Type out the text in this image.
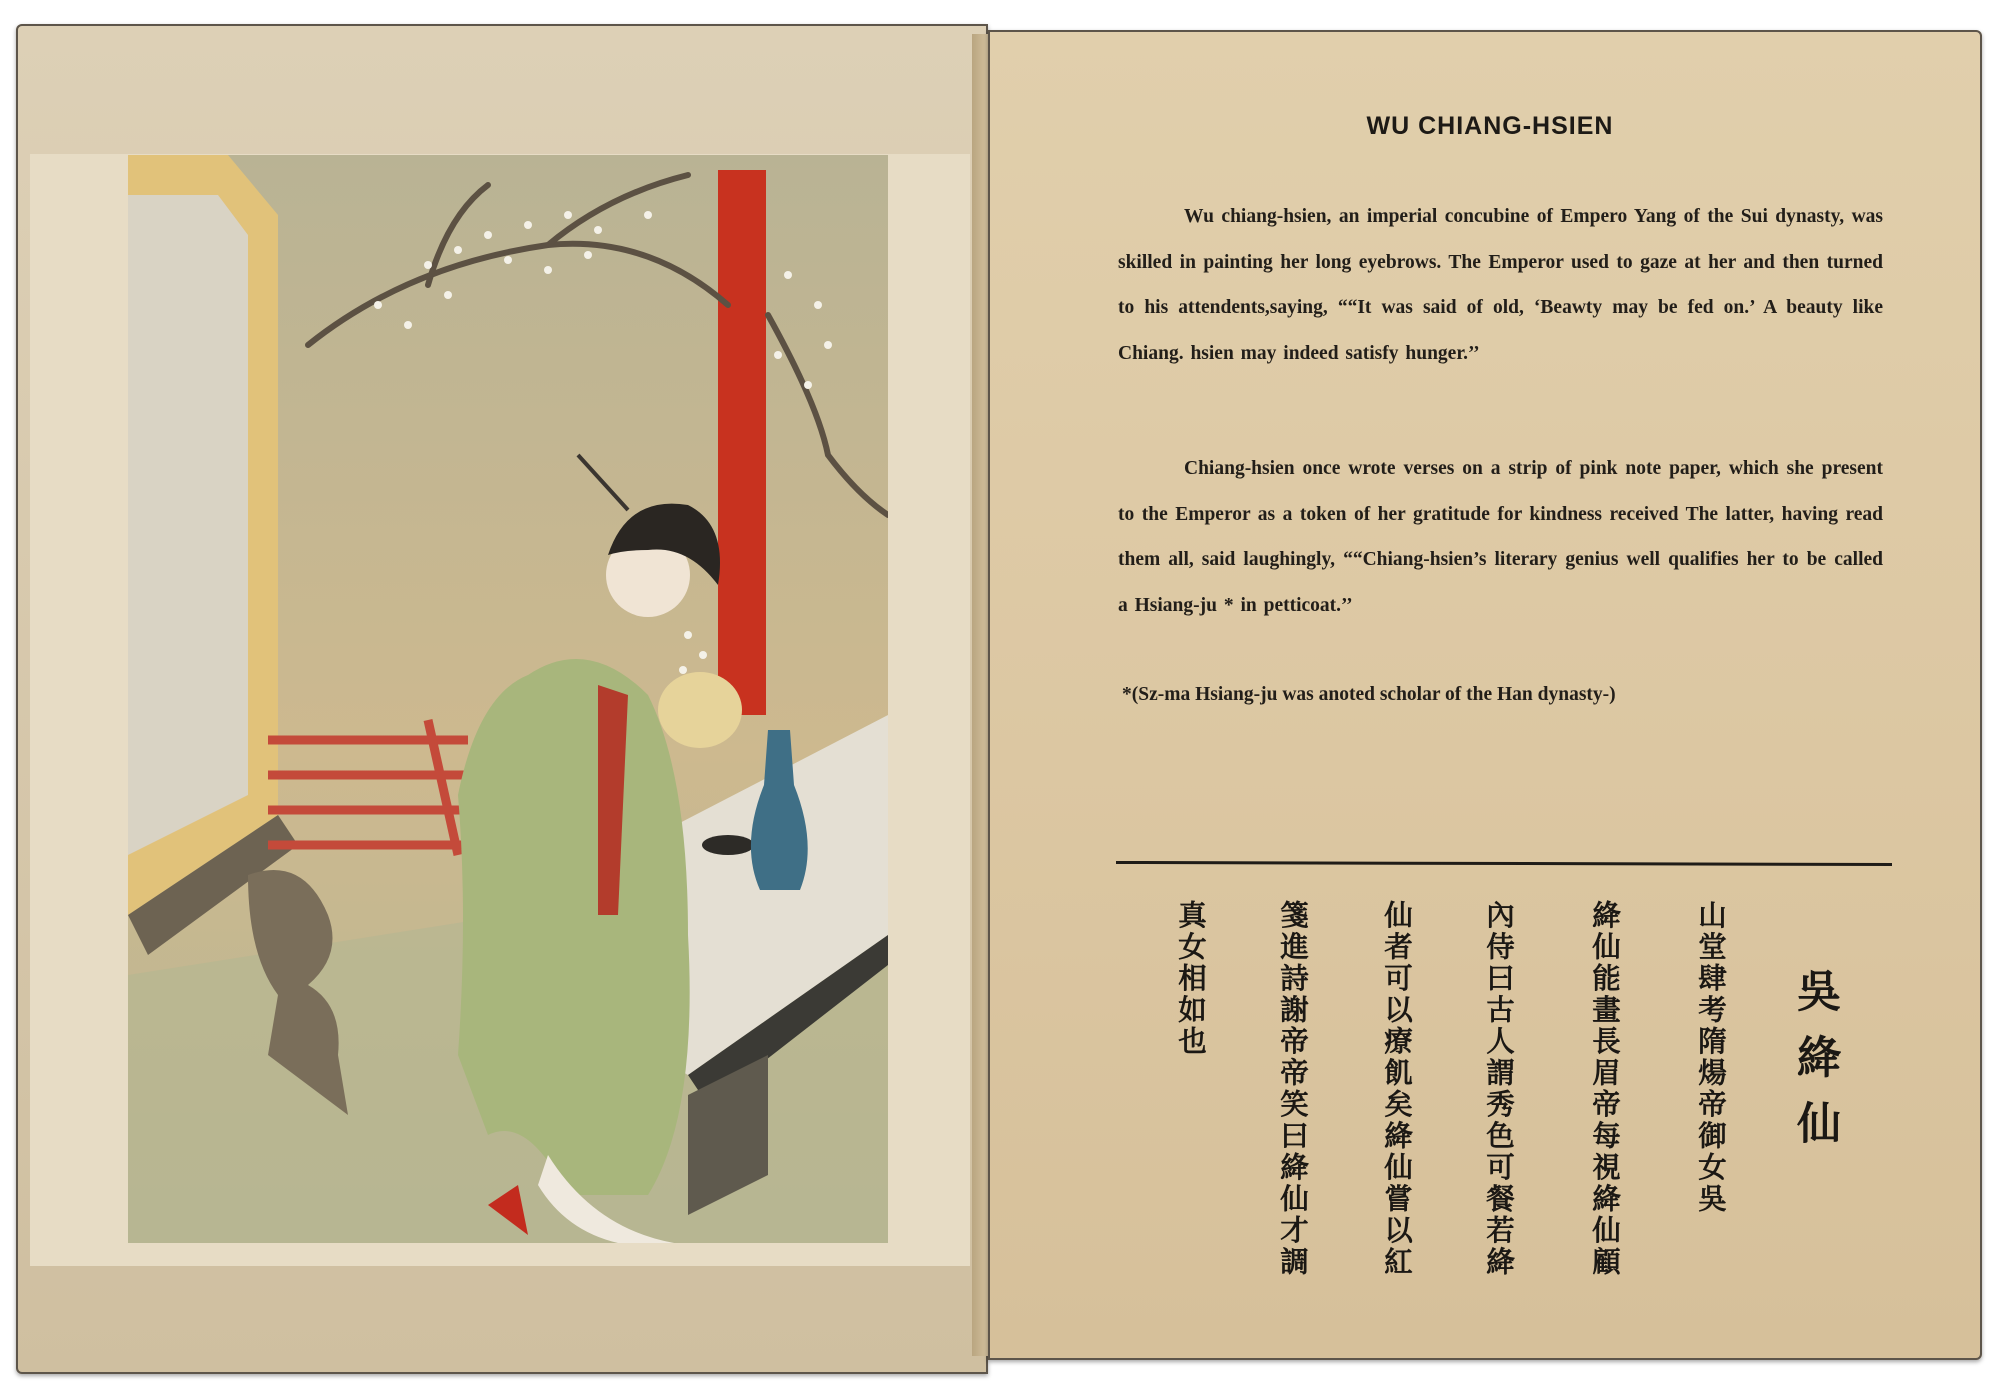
WU CHIANG-HSIEN

Wu chiang-hsien, an imperial concubine of Empero Yang of the Sui dynasty, was skilled in painting her long eyebrows. The Emperor used to gaze at her and then turned to his attendents,saying, ““It was said of old, ‘Beawty may be fed on.’ A beauty like Chiang. hsien may indeed satisfy hunger.’’

Chiang-hsien once wrote verses on a strip of pink note paper, which she present to the Emperor as a token of her gratitude for kindness received The latter, having read them all, said laughingly, ““Chiang-hsien’s literary genius well qualifies her to be called a Hsiang-ju * in petticoat.’’

*(Sz-ma Hsiang-ju was anoted scholar of the Han dynasty-)

吳絳仙

山堂肆考隋煬帝御女吳

絳仙能畫長眉帝每視絳仙顧

內侍曰古人謂秀色可餐若絳

仙者可以療飢矣絳仙嘗以紅

箋進詩謝帝帝笑曰絳仙才調

真女相如也
